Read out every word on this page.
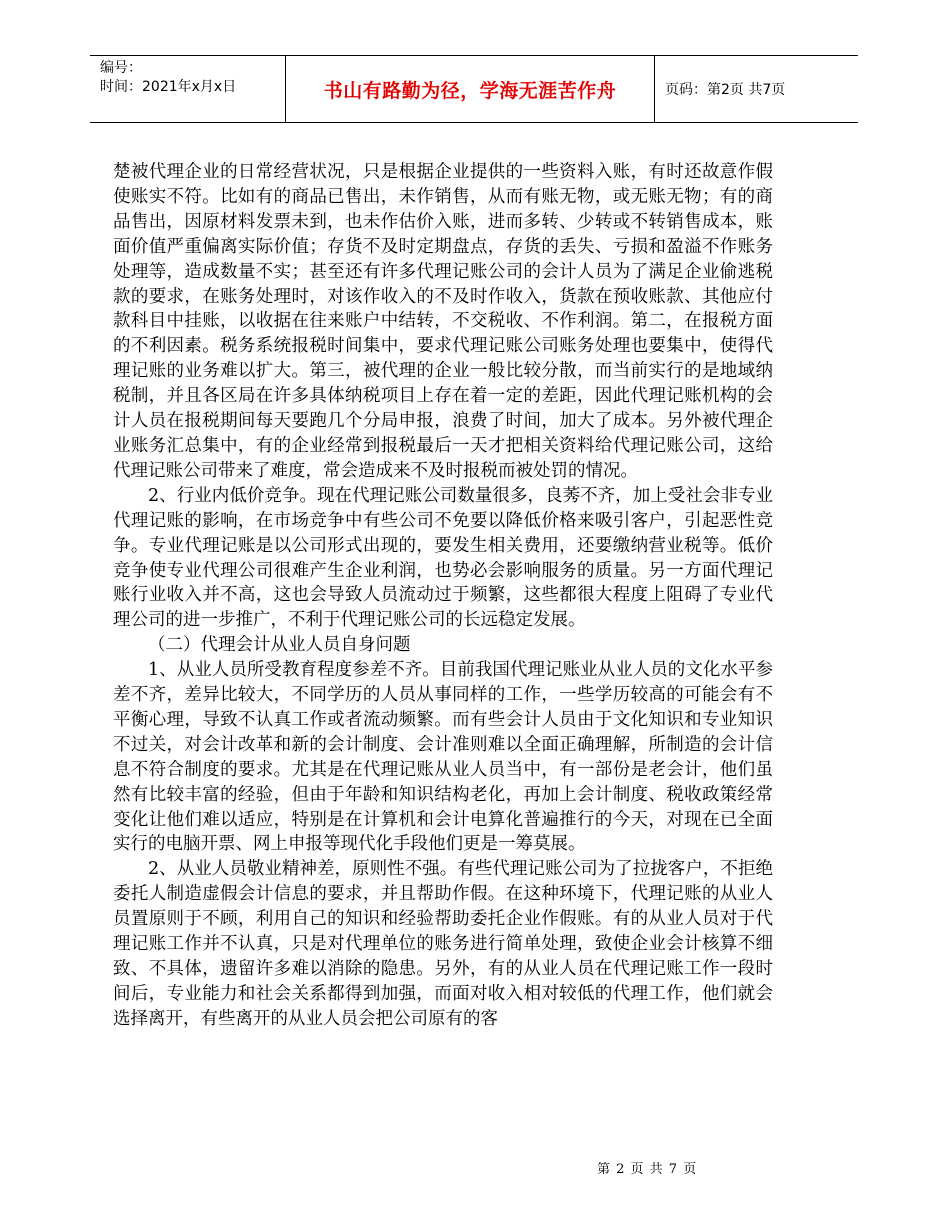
编号：
时间：2021年x月x日	书山有路勤为径，学海无涯苦作舟	页码：第2页 共7页

楚被代理企业的日常经营状况，只是根据企业提供的一些资料入账，有时还故意作假使账实不符。比如有的商品已售出，未作销售，从而有账无物，或无账无物；有的商品售出，因原材料发票未到，也未作估价入账，进而多转、少转或不转销售成本，账面价值严重偏离实际价值；存货不及时定期盘点，存货的丢失、亏损和盈溢不作账务处理等，造成数量不实；甚至还有许多代理记账公司的会计人员为了满足企业偷逃税款的要求，在账务处理时，对该作收入的不及时作收入，货款在预收账款、其他应付款科目中挂账，以收据在往来账户中结转，不交税收、不作利润。第二，在报税方面的不利因素。税务系统报税时间集中，要求代理记账公司账务处理也要集中，使得代理记账的业务难以扩大。第三，被代理的企业一般比较分散，而当前实行的是地域纳税制，并且各区局在许多具体纳税项目上存在着一定的差距，因此代理记账机构的会计人员在报税期间每天要跑几个分局申报，浪费了时间，加大了成本。另外被代理企业账务汇总集中，有的企业经常到报税最后一天才把相关资料给代理记账公司，这给代理记账公司带来了难度，常会造成来不及时报税而被处罚的情况。

2、行业内低价竞争。现在代理记账公司数量很多，良莠不齐，加上受社会非专业代理记账的影响，在市场竞争中有些公司不免要以降低价格来吸引客户，引起恶性竞争。专业代理记账是以公司形式出现的，要发生相关费用，还要缴纳营业税等。低价竞争使专业代理公司很难产生企业利润，也势必会影响服务的质量。另一方面代理记账行业收入并不高，这也会导致人员流动过于频繁，这些都很大程度上阻碍了专业代理公司的进一步推广，不利于代理记账公司的长远稳定发展。

（二）代理会计从业人员自身问题

1、从业人员所受教育程度参差不齐。目前我国代理记账业从业人员的文化水平参差不齐，差异比较大，不同学历的人员从事同样的工作，一些学历较高的可能会有不平衡心理，导致不认真工作或者流动频繁。而有些会计人员由于文化知识和专业知识不过关，对会计改革和新的会计制度、会计准则难以全面正确理解，所制造的会计信息不符合制度的要求。尤其是在代理记账从业人员当中，有一部份是老会计，他们虽然有比较丰富的经验，但由于年龄和知识结构老化，再加上会计制度、税收政策经常变化让他们难以适应，特别是在计算机和会计电算化普遍推行的今天，对现在已全面实行的电脑开票、网上申报等现代化手段他们更是一筹莫展。

2、从业人员敬业精神差，原则性不强。有些代理记账公司为了拉拢客户，不拒绝委托人制造虚假会计信息的要求，并且帮助作假。在这种环境下，代理记账的从业人员置原则于不顾，利用自己的知识和经验帮助委托企业作假账。有的从业人员对于代理记账工作并不认真，只是对代理单位的账务进行简单处理，致使企业会计核算不细致、不具体，遗留许多难以消除的隐患。另外，有的从业人员在代理记账工作一段时间后，专业能力和社会关系都得到加强，而面对收入相对较低的代理工作，他们就会选择离开，有些离开的从业人员会把公司原有的客

第 2 页 共 7 页
